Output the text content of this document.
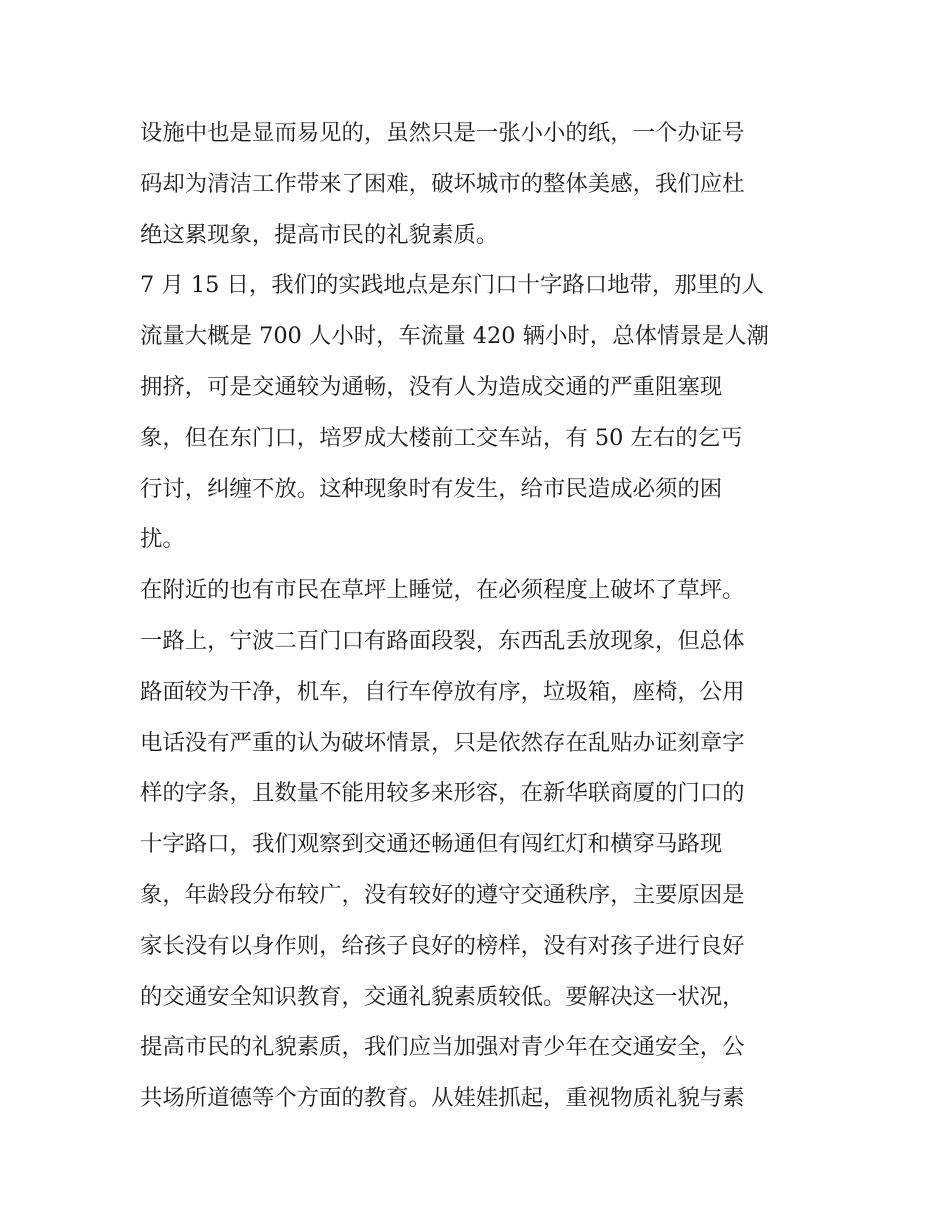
设施中也是显而易见的，虽然只是一张小小的纸，一个办证号
码却为清洁工作带来了困难，破坏城市的整体美感，我们应杜
绝这累现象，提高市民的礼貌素质。
7 月 15 日，我们的实践地点是东门口十字路口地带，那里的人
流量大概是 700 人小时，车流量 420 辆小时，总体情景是人潮
拥挤，可是交通较为通畅，没有人为造成交通的严重阻塞现
象，但在东门口，培罗成大楼前工交车站，有 50 左右的乞丐
行讨，纠缠不放。这种现象时有发生，给市民造成必须的困
扰。
在附近的也有市民在草坪上睡觉，在必须程度上破坏了草坪。
一路上，宁波二百门口有路面段裂，东西乱丢放现象，但总体
路面较为干净，机车，自行车停放有序，垃圾箱，座椅，公用
电话没有严重的认为破坏情景，只是依然存在乱贴办证刻章字
样的字条，且数量不能用较多来形容，在新华联商厦的门口的
十字路口，我们观察到交通还畅通但有闯红灯和横穿马路现
象，年龄段分布较广，没有较好的遵守交通秩序，主要原因是
家长没有以身作则，给孩子良好的榜样，没有对孩子进行良好
的交通安全知识教育，交通礼貌素质较低。要解决这一状况，
提高市民的礼貌素质，我们应当加强对青少年在交通安全，公
共场所道德等个方面的教育。从娃娃抓起，重视物质礼貌与素
